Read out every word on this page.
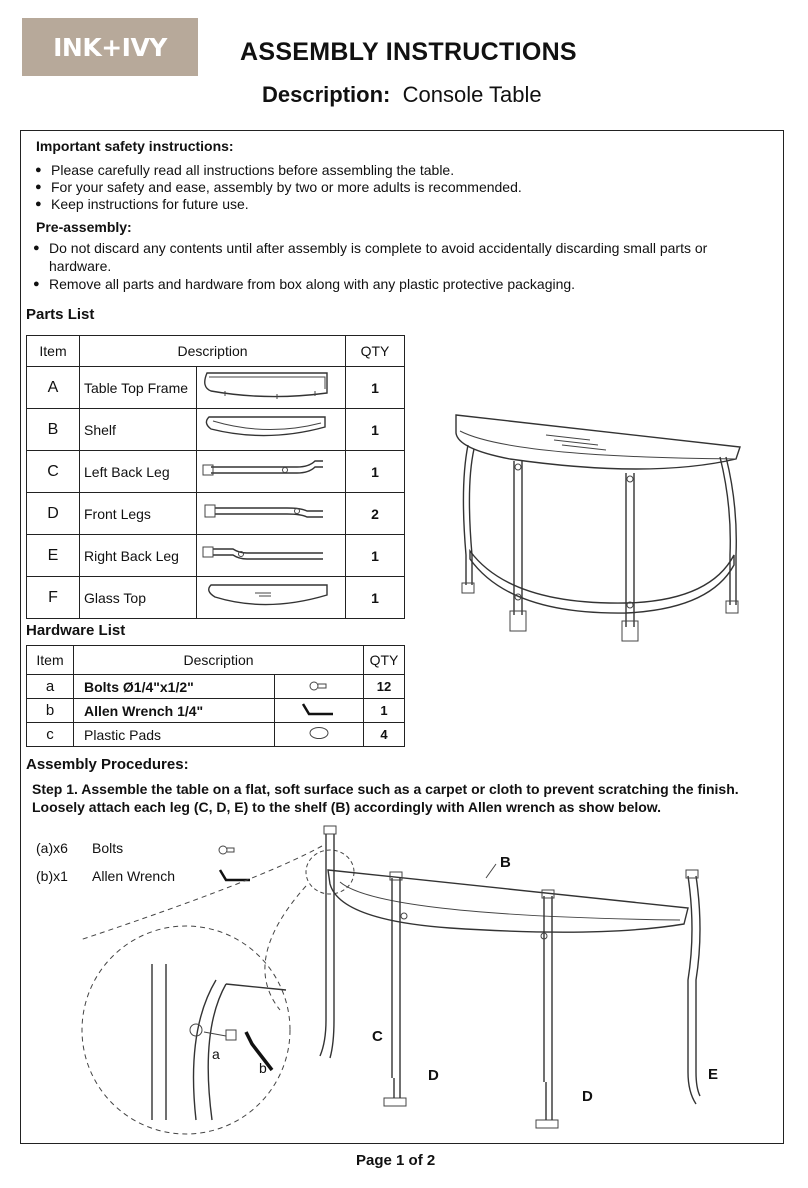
INK+IVY	ASSEMBLY INSTRUCTIONS
Description: Console Table
Important safety instructions:
● Please carefully read all instructions before assembling the table.
● For your safety and ease, assembly by two or more adults is recommended.
● Keep instructions for future use.
Pre-assembly:
● Do not discard any contents until after assembly is complete to avoid accidentally discarding small parts or
hardware.
● Remove all parts and hardware from box along with any plastic protective packaging.
Parts List
Item	Description		QTY
A	Table Top Frame		1
B	Shelf		1
C	Left Back Leg		1
D	Front Legs		2
E	Right Back Leg		1
F	Glass Top		1
Hardware List
Item	Description		QTY
a	Bolts Ø1/4"x1/2"		12
b	Allen Wrench 1/4"		1
c	Plastic Pads		4
Assembly Procedures:
Step 1. Assemble the table on a flat, soft surface such as a carpet or cloth to prevent scratching the finish.
Loosely attach each leg (C, D, E) to the shelf (B) accordingly with Allen wrench as show below.
(a)x6 Bolts
(b)x1 Allen Wrench
B
C
D
D
E
a
b
Page 1 of 2
